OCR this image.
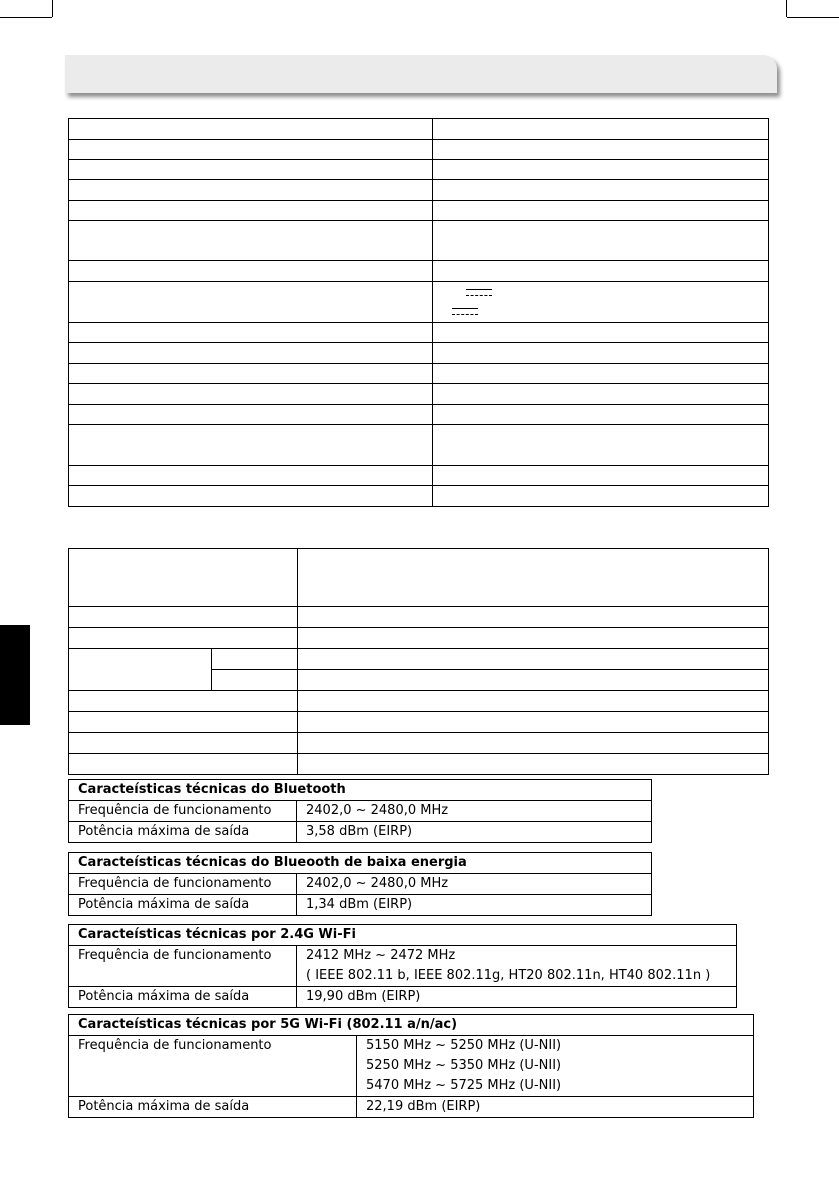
Caracteísticas técnicas do Bluetooth	
Frequência de funcionamento	2402,0 ~ 2480,0 MHz
Potência máxima de saída	3,58 dBm (EIRP)
Caracteísticas técnicas do Blueooth de baixa energia	
Frequência de funcionamento	2402,0 ~ 2480,0 MHz
Potência máxima de saída	1,34 dBm (EIRP)
Caracteísticas técnicas por 2.4G Wi-Fi	
Frequência de funcionamento	2412 MHz ~ 2472 MHz
( IEEE 802.11 b, IEEE 802.11g, HT20 802.11n, HT40 802.11n )

Potência máxima de saída	19,90 dBm (EIRP)
Caracteísticas técnicas por 5G Wi-Fi (802.11 a/n/ac)	
Frequência de funcionamento	5150 MHz ~ 5250 MHz (U-NII)
5250 MHz ~ 5350 MHz (U-NII)
5470 MHz ~ 5725 MHz (U-NII)

Potência máxima de saída	22,19 dBm (EIRP)
